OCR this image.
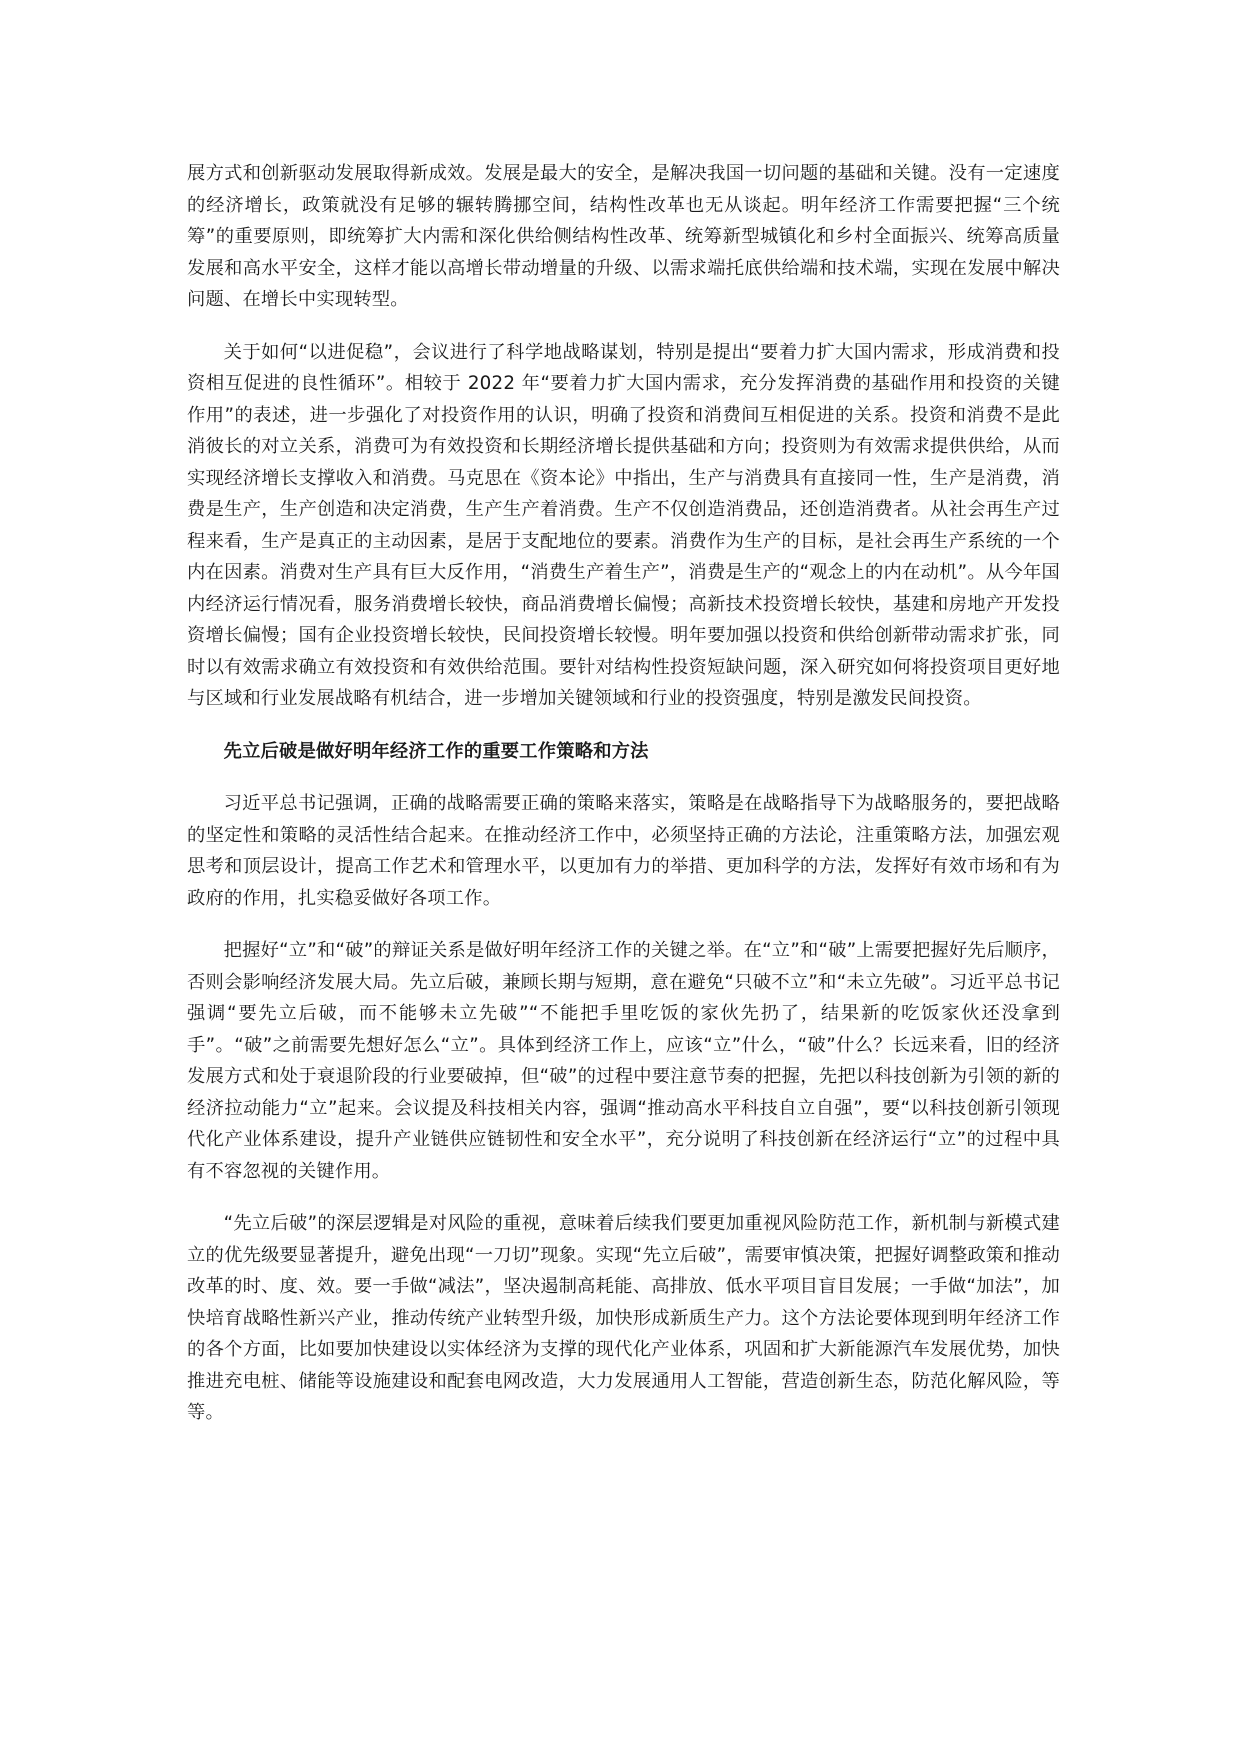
展方式和创新驱动发展取得新成效。发展是最大的安全，是解决我国一切问题的基础和关键。没有一定速度的经济增长，政策就没有足够的辗转腾挪空间，结构性改革也无从谈起。明年经济工作需要把握“三个统筹”的重要原则，即统筹扩大内需和深化供给侧结构性改革、统筹新型城镇化和乡村全面振兴、统筹高质量发展和高水平安全，这样才能以高增长带动增量的升级、以需求端托底供给端和技术端，实现在发展中解决问题、在增长中实现转型。

关于如何“以进促稳”，会议进行了科学地战略谋划，特别是提出“要着力扩大国内需求，形成消费和投资相互促进的良性循环”。相较于 2022 年“要着力扩大国内需求，充分发挥消费的基础作用和投资的关键作用”的表述，进一步强化了对投资作用的认识，明确了投资和消费间互相促进的关系。投资和消费不是此消彼长的对立关系，消费可为有效投资和长期经济增长提供基础和方向；投资则为有效需求提供供给，从而实现经济增长支撑收入和消费。马克思在《资本论》中指出，生产与消费具有直接同一性，生产是消费，消费是生产，生产创造和决定消费，生产生产着消费。生产不仅创造消费品，还创造消费者。从社会再生产过程来看，生产是真正的主动因素，是居于支配地位的要素。消费作为生产的目标，是社会再生产系统的一个内在因素。消费对生产具有巨大反作用，“消费生产着生产”，消费是生产的“观念上的内在动机”。从今年国内经济运行情况看，服务消费增长较快，商品消费增长偏慢；高新技术投资增长较快，基建和房地产开发投资增长偏慢；国有企业投资增长较快，民间投资增长较慢。明年要加强以投资和供给创新带动需求扩张，同时以有效需求确立有效投资和有效供给范围。要针对结构性投资短缺问题，深入研究如何将投资项目更好地与区域和行业发展战略有机结合，进一步增加关键领域和行业的投资强度，特别是激发民间投资。

先立后破是做好明年经济工作的重要工作策略和方法

习近平总书记强调，正确的战略需要正确的策略来落实，策略是在战略指导下为战略服务的，要把战略的坚定性和策略的灵活性结合起来。在推动经济工作中，必须坚持正确的方法论，注重策略方法，加强宏观思考和顶层设计，提高工作艺术和管理水平，以更加有力的举措、更加科学的方法，发挥好有效市场和有为政府的作用，扎实稳妥做好各项工作。

把握好“立”和“破”的辩证关系是做好明年经济工作的关键之举。在“立”和“破”上需要把握好先后顺序，否则会影响经济发展大局。先立后破，兼顾长期与短期，意在避免“只破不立”和“未立先破”。习近平总书记强调“要先立后破，而不能够未立先破”“不能把手里吃饭的家伙先扔了，结果新的吃饭家伙还没拿到手”。“破”之前需要先想好怎么“立”。具体到经济工作上，应该“立”什么，“破”什么？长远来看，旧的经济发展方式和处于衰退阶段的行业要破掉，但“破”的过程中要注意节奏的把握，先把以科技创新为引领的新的经济拉动能力“立”起来。会议提及科技相关内容，强调“推动高水平科技自立自强”，要“以科技创新引领现代化产业体系建设，提升产业链供应链韧性和安全水平”，充分说明了科技创新在经济运行“立”的过程中具有不容忽视的关键作用。

“先立后破”的深层逻辑是对风险的重视，意味着后续我们要更加重视风险防范工作，新机制与新模式建立的优先级要显著提升，避免出现“一刀切”现象。实现“先立后破”，需要审慎决策，把握好调整政策和推动改革的时、度、效。要一手做“减法”，坚决遏制高耗能、高排放、低水平项目盲目发展；一手做“加法”，加快培育战略性新兴产业，推动传统产业转型升级，加快形成新质生产力。这个方法论要体现到明年经济工作的各个方面，比如要加快建设以实体经济为支撑的现代化产业体系，巩固和扩大新能源汽车发展优势，加快推进充电桩、储能等设施建设和配套电网改造，大力发展通用人工智能，营造创新生态，防范化解风险，等等。
